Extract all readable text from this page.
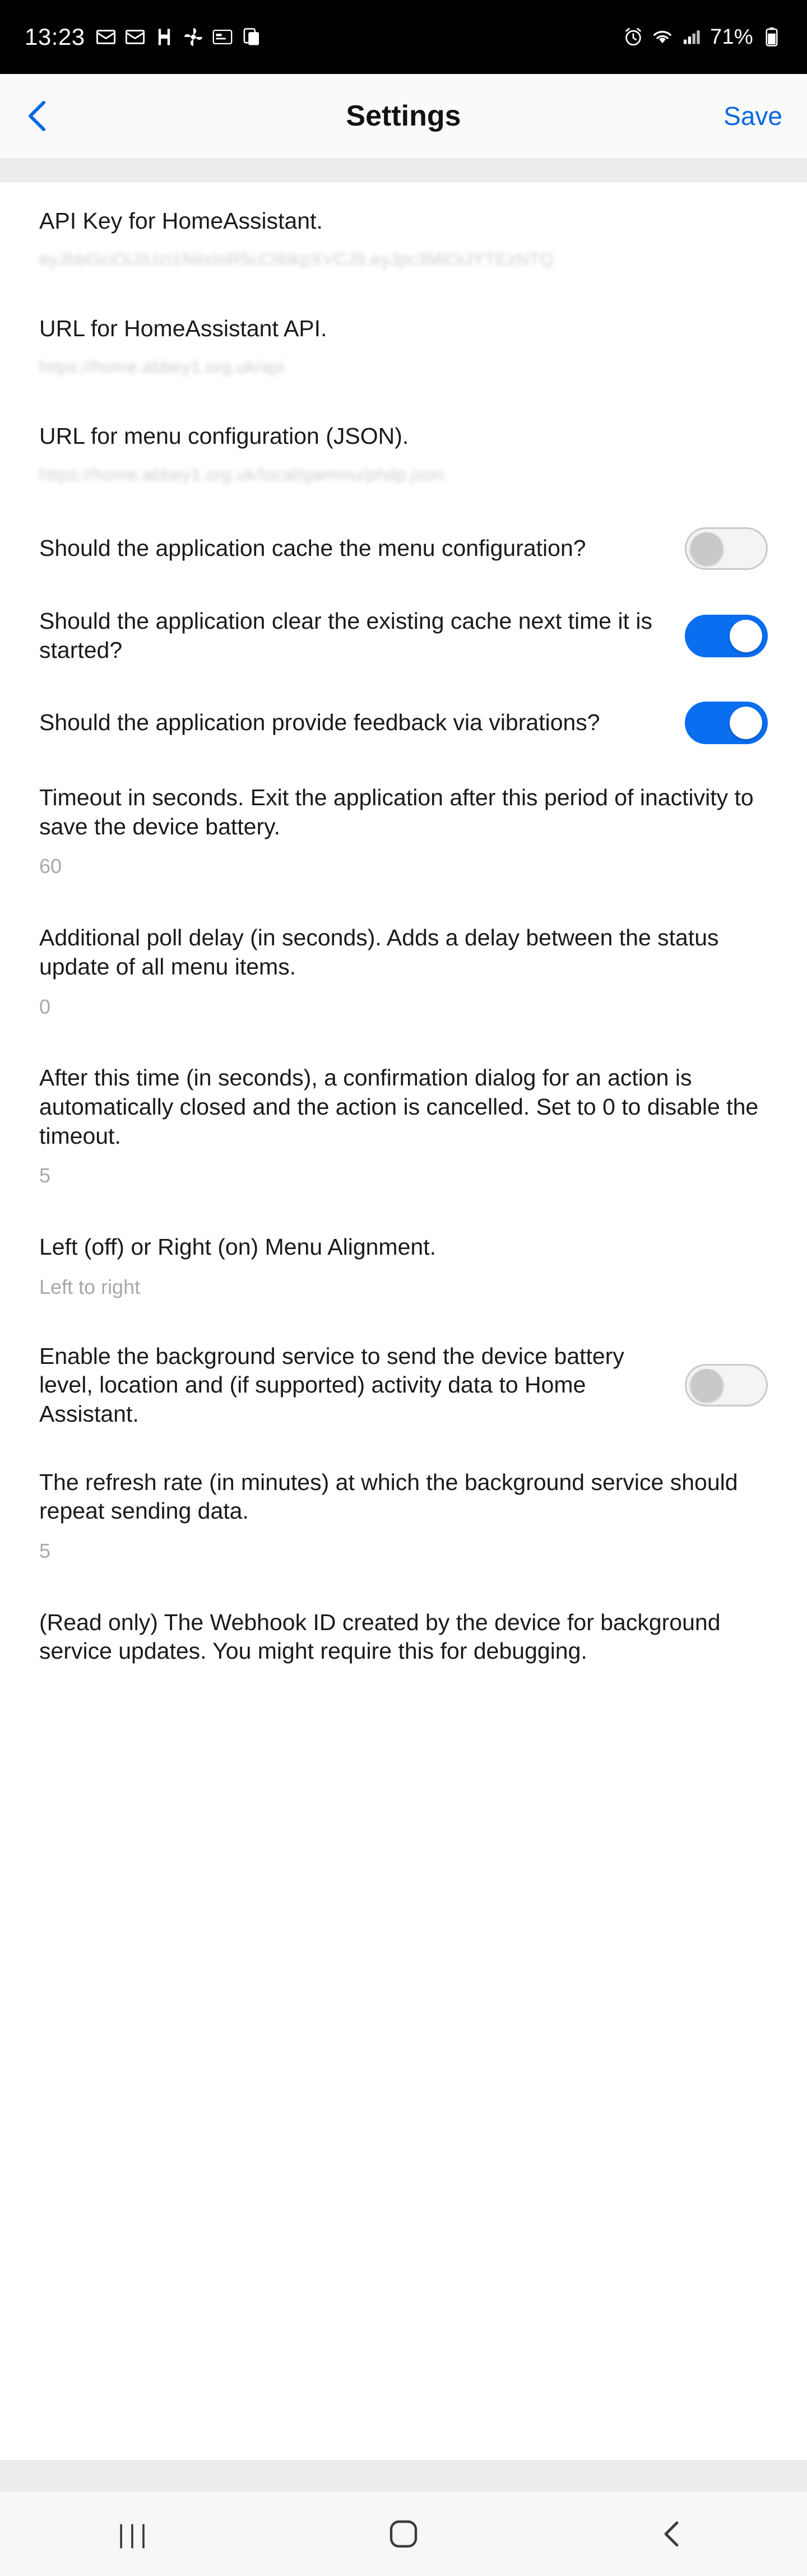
13:23	71%
Settings	Save
API Key for HomeAssistant.
eyJhbGciOiJIUzI1NiIsInR5cCI6IkpXVCJ9.eyJpc3MiOiJYTEzNTQ
URL for HomeAssistant API.
https://home.abbey1.org.uk/api
URL for menu configuration (JSON).
https://home.abbey1.org.uk/local/gammu/phdp.json
Should the application cache the menu configuration?
Should the application clear the existing cache next time it is started?
Should the application provide feedback via vibrations?
Timeout in seconds. Exit the application after this period of inactivity to save the device battery.
60
Additional poll delay (in seconds). Adds a delay between the status update of all menu items.
0
After this time (in seconds), a confirmation dialog for an action is automatically closed and the action is cancelled. Set to 0 to disable the timeout.
5
Left (off) or Right (on) Menu Alignment.
Left to right
Enable the background service to send the device battery level, location and (if supported) activity data to Home Assistant.
The refresh rate (in minutes) at which the background service should repeat sending data.
5
(Read only) The Webhook ID created by the device for background service updates. You might require this for debugging.
|||
